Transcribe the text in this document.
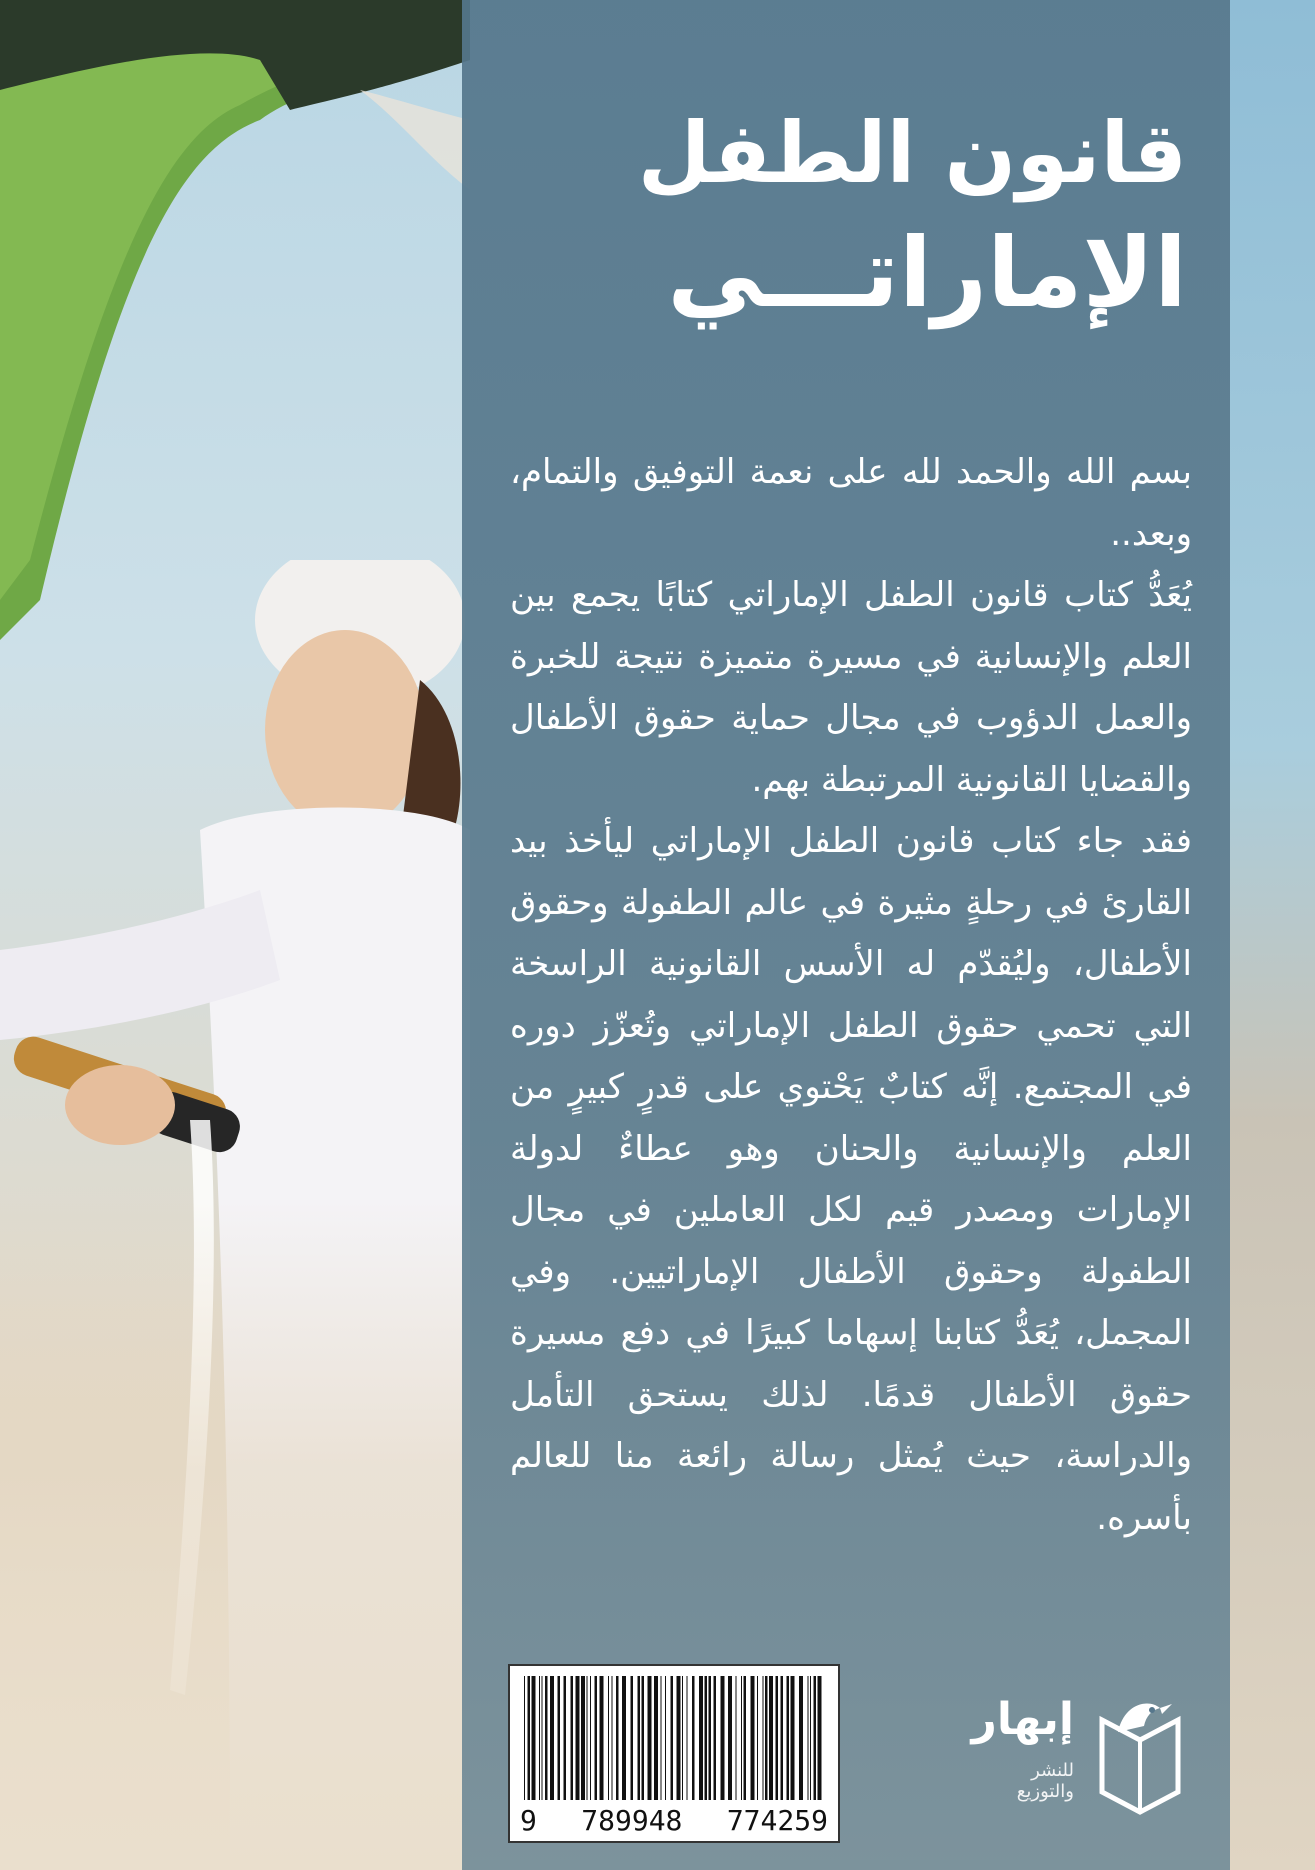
قانون الطفل
الإماراتـــي

بسم الله والحمد لله على نعمة التوفيق والتمام، وبعد..

يُعَدُّ كتاب قانون الطفل الإماراتي كتابًا يجمع بين العلم والإنسانية في مسيرة متميزة نتيجة للخبرة والعمل الدؤوب في مجال حماية حقوق الأطفال والقضايا القانونية المرتبطة بهم.

فقد جاء كتاب قانون الطفل الإماراتي ليأخذ بيد القارئ في رحلةٍ مثيرة في عالم الطفولة وحقوق الأطفال، وليُقدّم له الأسس القانونية الراسخة التي تحمي حقوق الطفل الإماراتي وتُعزّز دوره في المجتمع. إنَّه كتابٌ يَحْتوي على قدرٍ كبيرٍ من العلم والإنسانية والحنان وهو عطاءٌ لدولة الإمارات ومصدر قيم لكل العاملين في مجال الطفولة وحقوق الأطفال الإماراتيين. وفي المجمل، يُعَدُّ كتابنا إسهاما كبيرًا في دفع مسيرة حقوق الأطفال قدمًا. لذلك يستحق التأمل والدراسة، حيث يُمثل رسالة رائعة منا للعالم بأسره.

9 789948 774259
إبهار
للنشر والتوزيع
